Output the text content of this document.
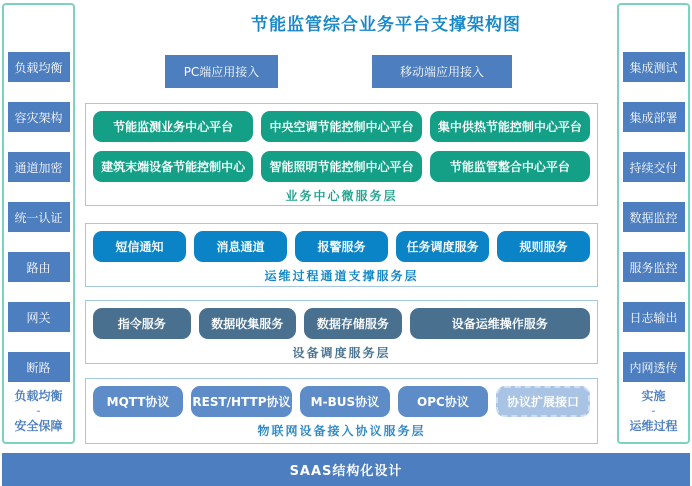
节能监管综合业务平台支撑架构图
负载均衡
容灾架构
通道加密
统一认证
路由
网关
断路
负载均衡
-
安全保障
集成测试
集成部署
持续交付
数据监控
服务监控
日志输出
内网透传
实施
-
运维过程
PC端应用接入	移动端应用接入
节能监测业务中心平台	中央空调节能控制中心平台	集中供热节能控制中心平台
建筑末端设备节能控制中心	智能照明节能控制中心平台	节能监管整合中心平台
业务中心微服务层
短信通知	消息通道	报警服务	任务调度服务	规则服务
运维过程通道支撑服务层
指令服务	数据收集服务	数据存储服务	设备运维操作服务
设备调度服务层
MQTT协议	REST/HTTP协议	M-BUS协议	OPC协议	协议扩展接口
物联网设备接入协议服务层
SAAS结构化设计
